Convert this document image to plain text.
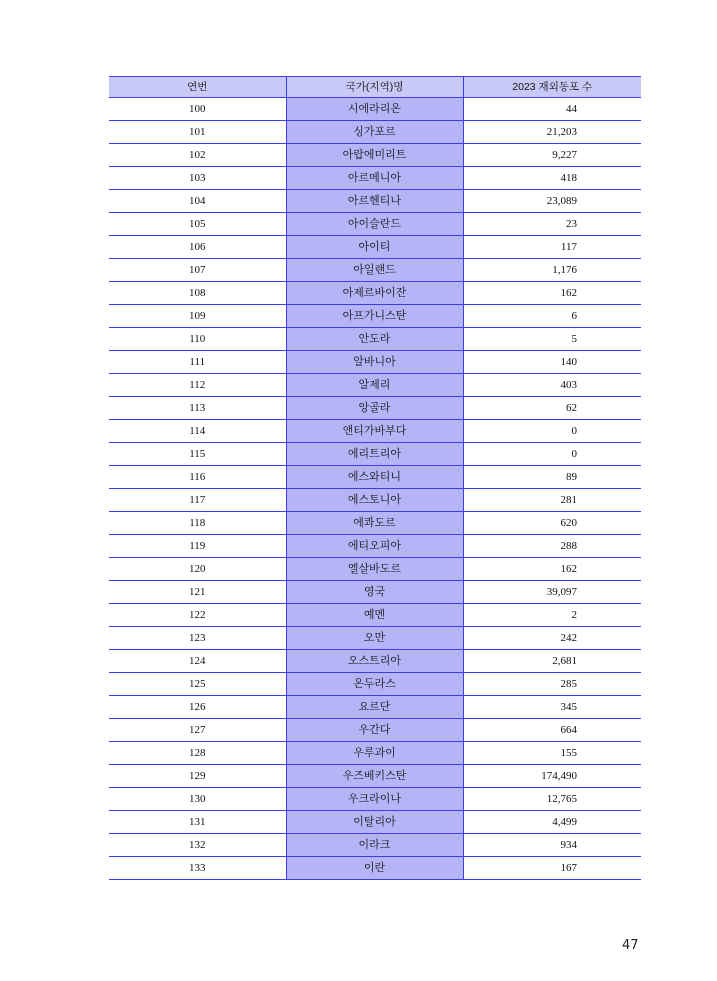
연번	국가(지역)명	2023 재외동포 수
100	시에라리온	44
101	싱가포르	21,203
102	아랍에미리트	9,227
103	아르메니아	418
104	아르헨티나	23,089
105	아이슬란드	23
106	아이티	117
107	아일랜드	1,176
108	아제르바이잔	162
109	아프가니스탄	6
110	안도라	5
111	알바니아	140
112	알제리	403
113	앙골라	62
114	앤티가바부다	0
115	에리트리아	0
116	에스와티니	89
117	에스토니아	281
118	에콰도르	620
119	에티오피아	288
120	엘살바도르	162
121	영국	39,097
122	예멘	2
123	오만	242
124	오스트리아	2,681
125	온두라스	285
126	요르단	345
127	우간다	664
128	우루과이	155
129	우즈베키스탄	174,490
130	우크라이나	12,765
131	이탈리아	4,499
132	이라크	934
133	이란	167
47
